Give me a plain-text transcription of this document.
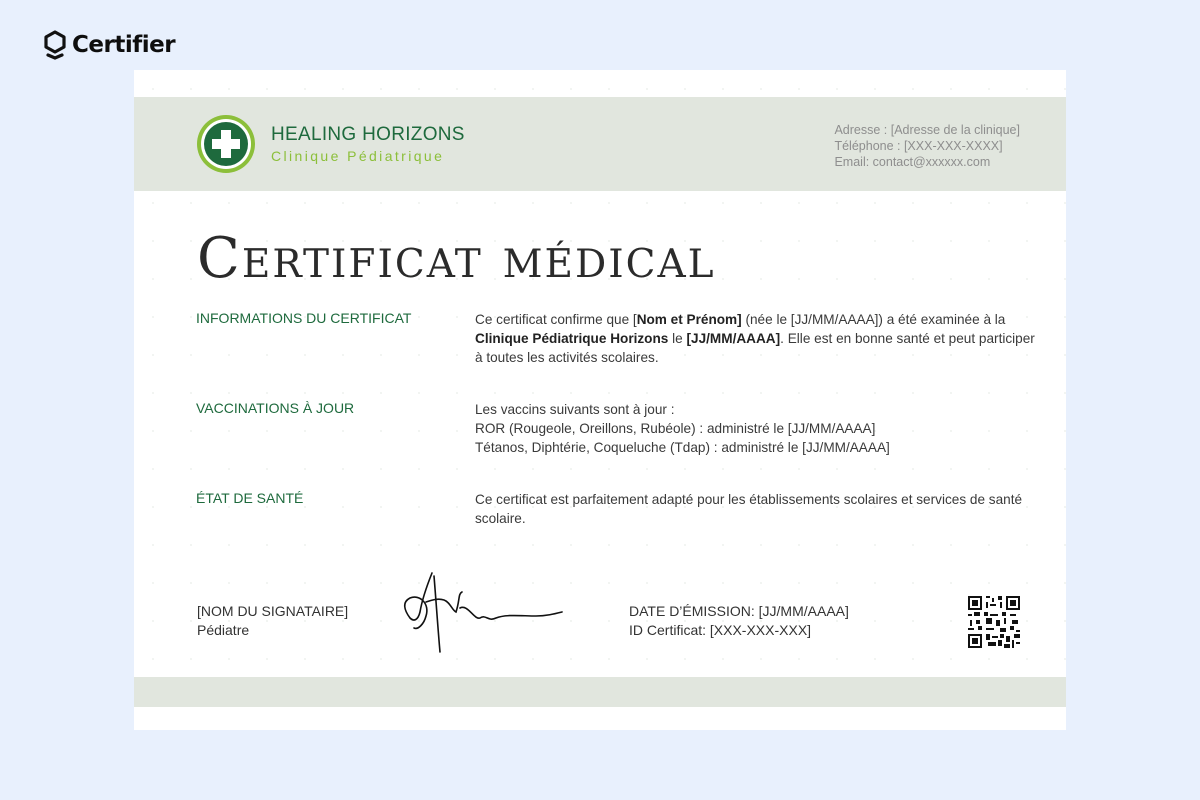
Certifier
HEALING HORIZONS
Clinique Pédiatrique
Adresse : [Adresse de la clinique]
Téléphone : [XXX-XXX-XXXX]
Email: contact@xxxxxx.com
Certificat médical
INFORMATIONS DU CERTIFICAT	Ce certificat confirme que [Nom et Prénom] (née le [JJ/MM/AAAA]) a été examinée à la Clinique Pédiatrique Horizons le [JJ/MM/AAAA]. Elle est en bonne santé et peut participer à toutes les activités scolaires.
VACCINATIONS À JOUR	Les vaccins suivants sont à jour :
ROR (Rougeole, Oreillons, Rubéole) : administré le [JJ/MM/AAAA]
Tétanos, Diphtérie, Coqueluche (Tdap) : administré le [JJ/MM/AAAA]
ÉTAT DE SANTÉ	Ce certificat est parfaitement adapté pour les établissements scolaires et services de santé scolaire.
[NOM DU SIGNATAIRE]
Pédiatre
DATE D’ÉMISSION: [JJ/MM/AAAA]
ID Certificat: [XXX-XXX-XXX]
